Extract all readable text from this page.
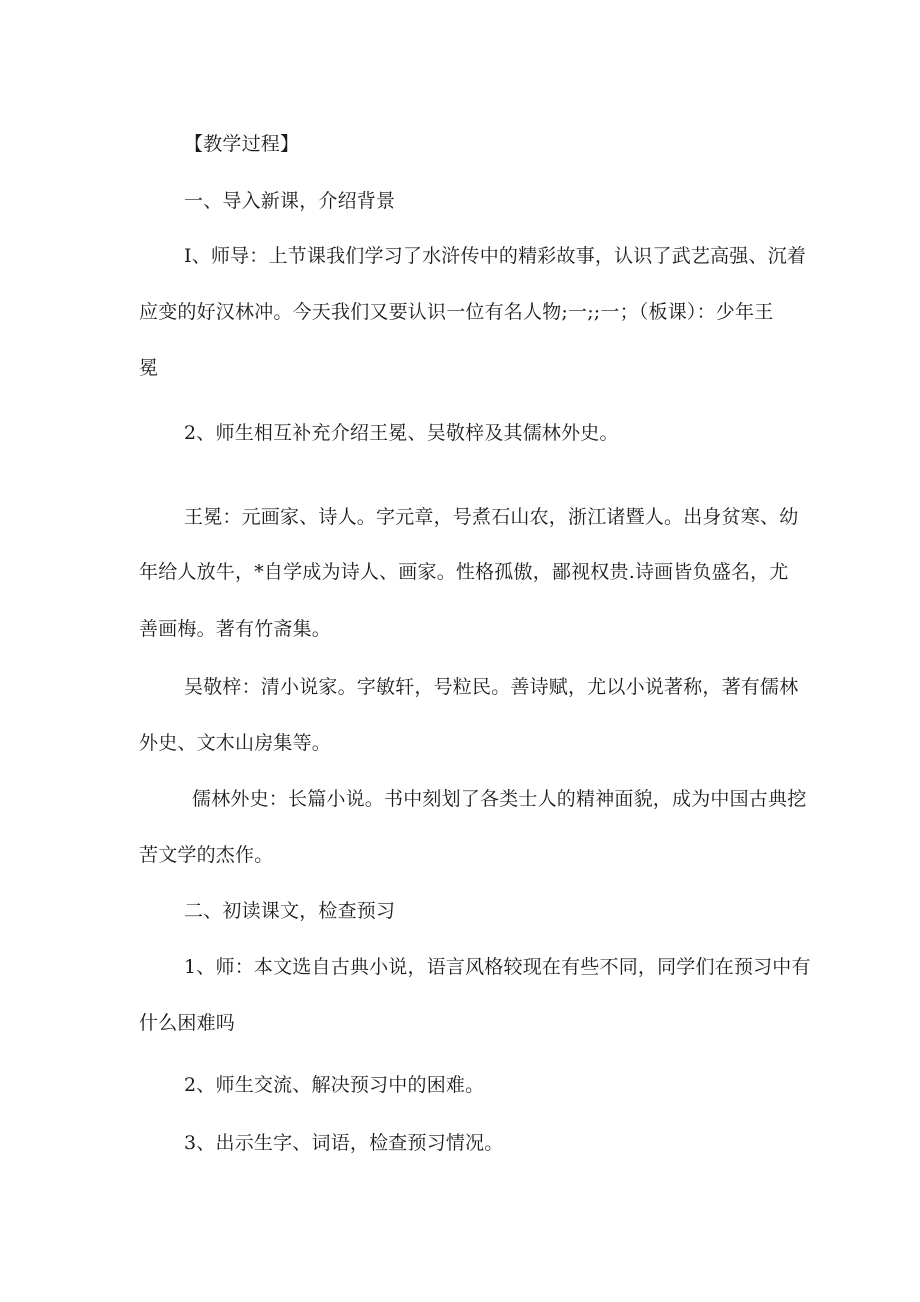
【教学过程】
一、导入新课，介绍背景
I、师导：上节课我们学习了水浒传中的精彩故事，认识了武艺高强、沉着
应变的好汉林冲。今天我们又要认识一位有名人物;一;;一；（板课）：少年王
冕
2、师生相互补充介绍王冕、吴敬梓及其儒林外史。
王冕：元画家、诗人。字元章，号煮石山农，浙江诸暨人。出身贫寒、幼
年给人放牛，*自学成为诗人、画家。性格孤傲，鄙视权贵.诗画皆负盛名，尤
善画梅。著有竹斋集。
吴敬梓：清小说家。字敏轩，号粒民。善诗赋，尤以小说著称，著有儒林
外史、文木山房集等。
儒林外史：长篇小说。书中刻划了各类士人的精神面貌，成为中国古典挖
苦文学的杰作。
二、初读课文，检查预习
1、师：本文选自古典小说，语言风格较现在有些不同，同学们在预习中有
什么困难吗
2、师生交流、解决预习中的困难。
3、出示生字、词语，检查预习情况。
